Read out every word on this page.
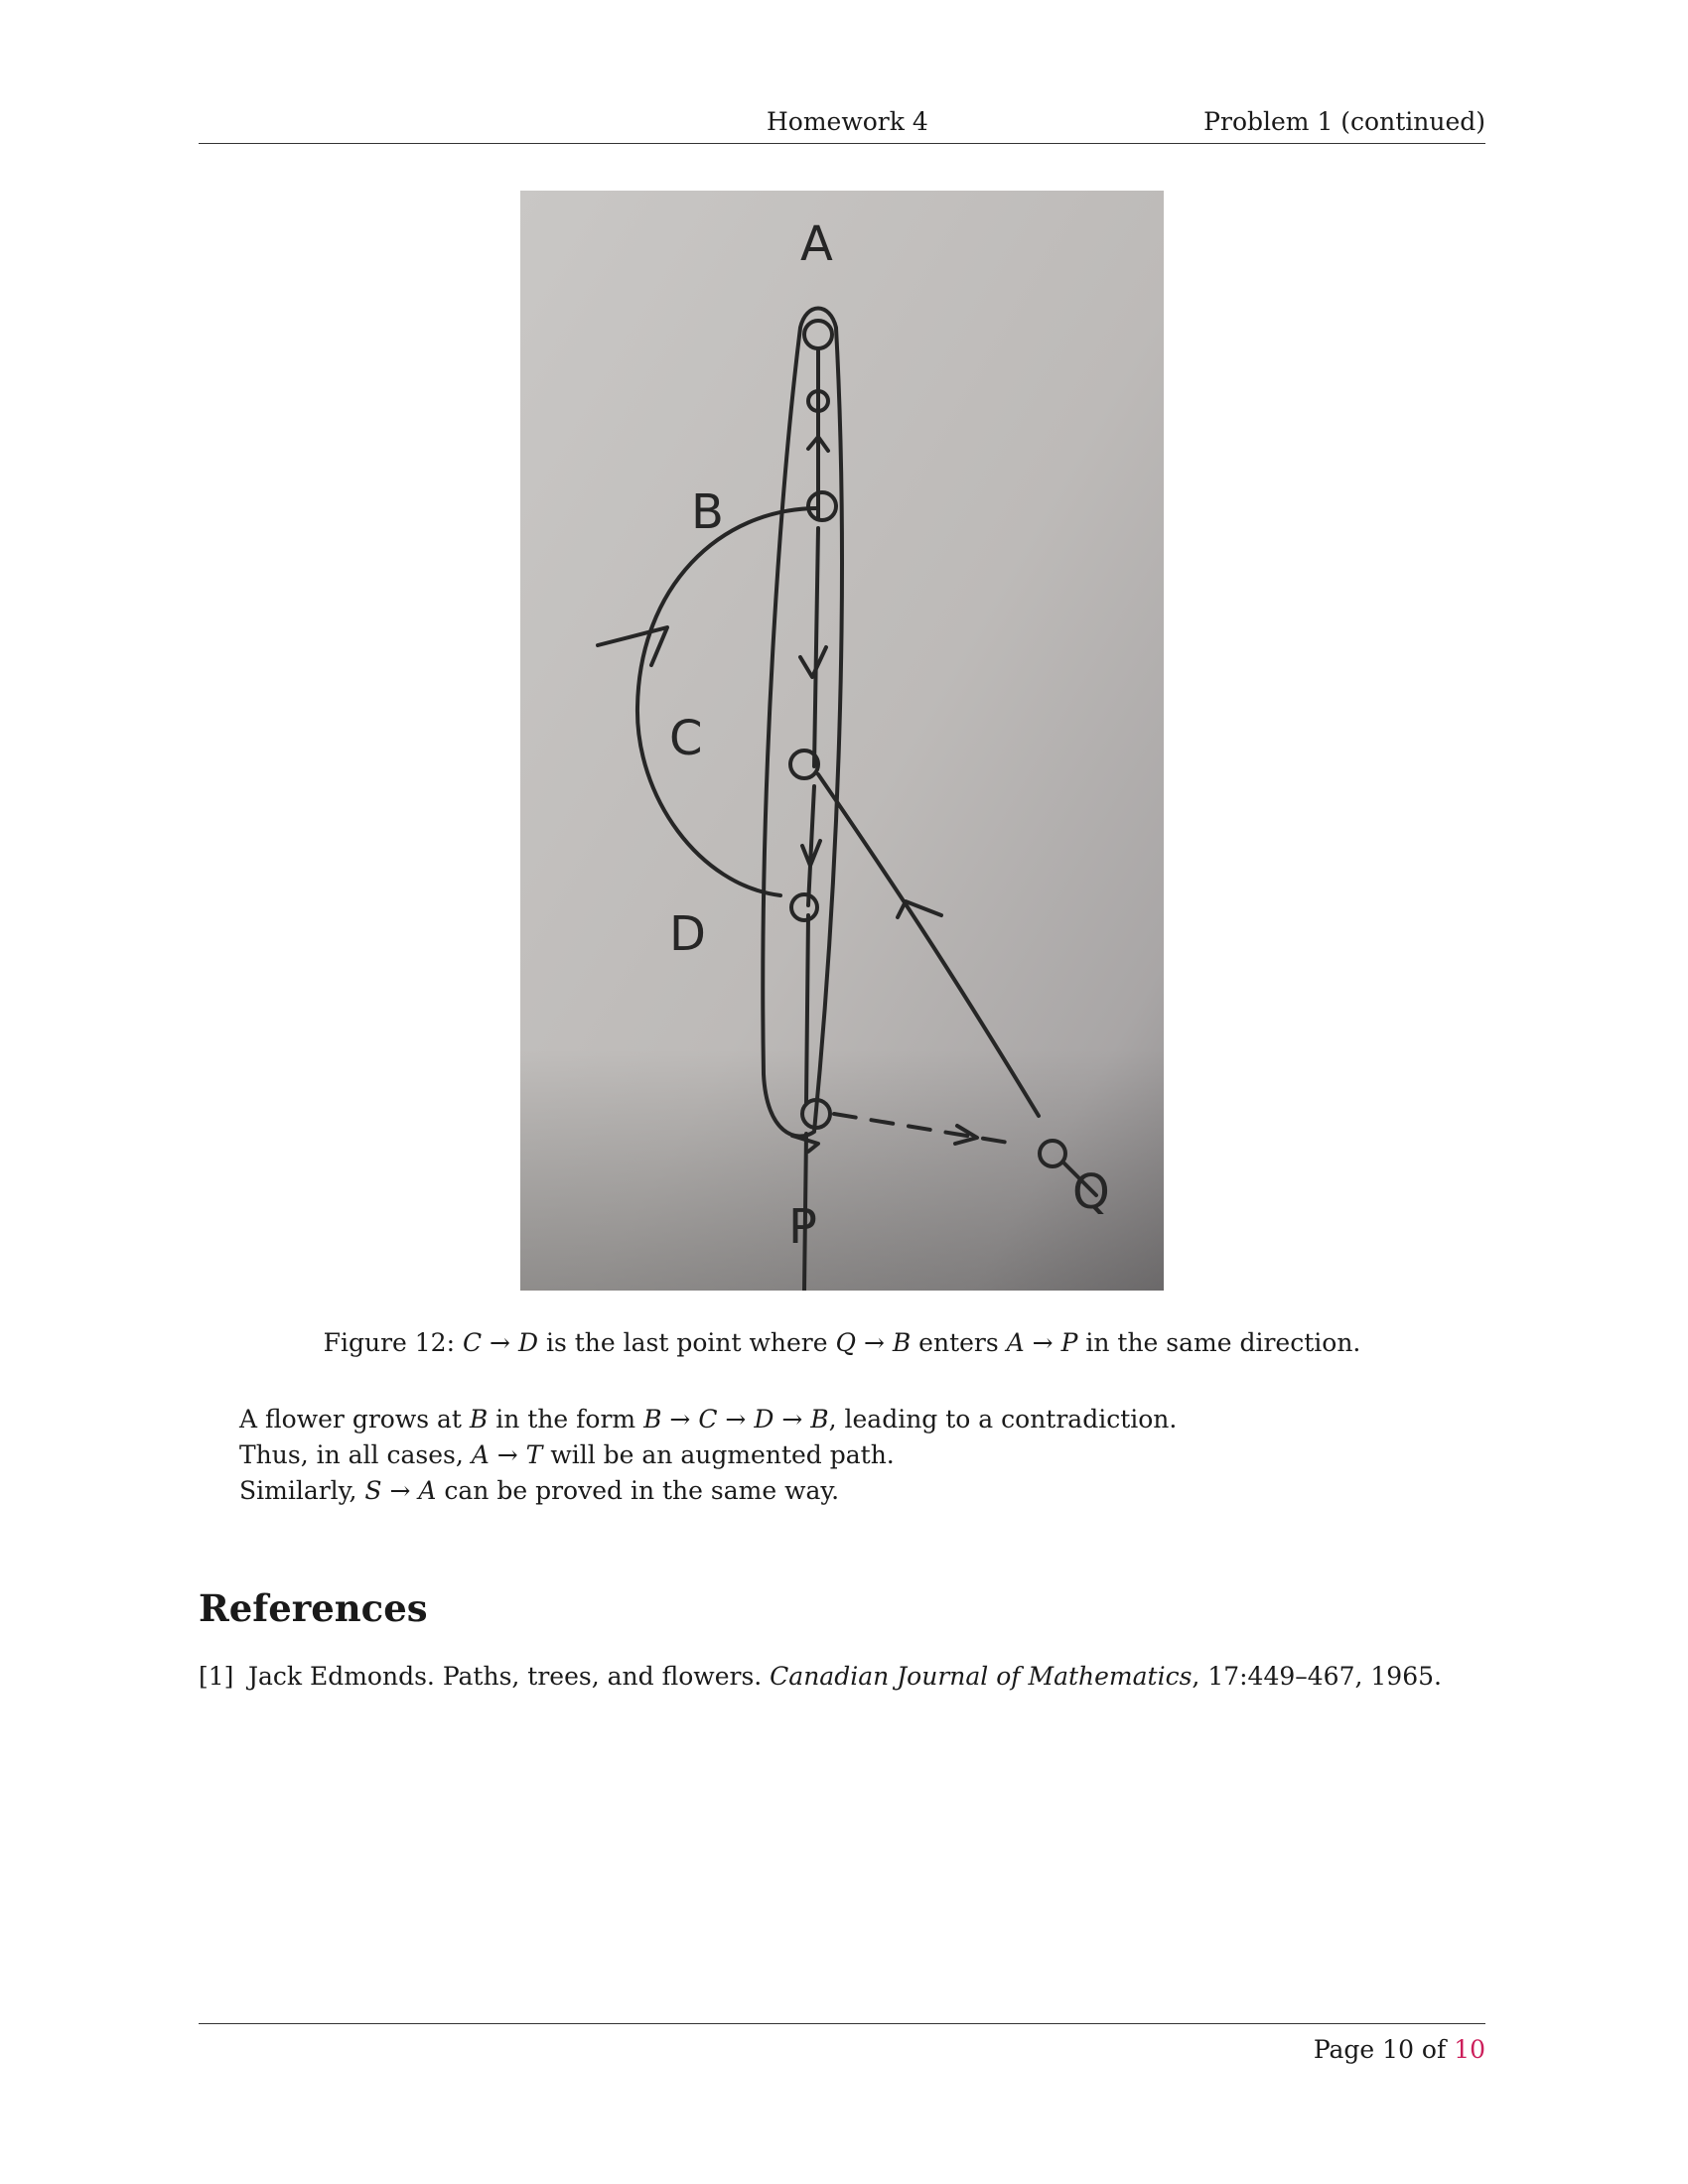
Homework 4	Problem 1 (continued)
A
B
C
D
P
Q
Figure 12: C → D is the last point where Q → B enters A → P in the same direction.
A flower grows at B in the form B → C → D → B, leading to a contradiction.
Thus, in all cases, A → T will be an augmented path.
Similarly, S → A can be proved in the same way.
References
[1] Jack Edmonds. Paths, trees, and flowers. Canadian Journal of Mathematics, 17:449–467, 1965.
Page 10 of 10
